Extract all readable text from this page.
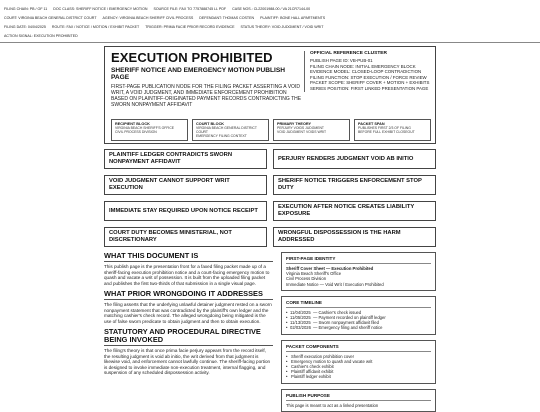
FILING CHAIN: PB / OF 11 DOC CLASS: SHERIFF NOTICE / EMERGENCY MOTION SOURCE FILE: FAX TO 7757888745 LL PDF CASE NOS.: CL22001988-00 / VA 21CR7144-00
COURT: VIRGINIA BEACH GENERAL DISTRICT COURT AGENCY: VIRGINIA BEACH SHERIFF CIVIL PROCESS DEFENDANT: THOMAS COSTEN PLAINTIFF: BONE HALL APARTMENTS
FILING DATE: 04/04/2025 ROUTE: FAX / NOTICE / MOTION / EXHIBIT PACKET TRIGGER: PRIMA FACIE PRIOR RECORD EVIDENCE STATUS THEORY: VOID JUDGMENT / VOID WRIT
ACTION SIGNAL: EXECUTION PROHIBITED
EXECUTION PROHIBITED
SHERIFF NOTICE AND EMERGENCY MOTION PUBLISH PAGE
FIRST-PAGE PUBLICATION NODE FOR THE FILING PACKET ASSERTING A VOID WRIT, A VOID JUDGMENT, AND IMMEDIATE ENFORCEMENT PROHIBITION BASED ON PLAINTIFF-ORIGINATED PAYMENT RECORDS CONTRADICTING THE SWORN NONPAYMENT AFFIDAVIT
OFFICIAL REFERENCE CLUSTER
PUBLISH PAGE ID: VB-PUB-01
FILING CHAIN NODE: INITIAL EMERGENCY BLOCK
EVIDENCE MODEL: CLOSED-LOOP CONTRADICTION
FILING FUNCTION: STOP EXECUTION / FORCE REVIEW
PACKET SCOPE: SHERIFF COVER + MOTION + EXHIBITS
SERIES POSITION: FIRST LINKED PRESENTATION PAGE
RECIPIENT BLOCK
VIRGINIA BEACH SHERIFF'S OFFICE
CIVIL PROCESS DIVISION
COURT BLOCK
VIRGINIA BEACH GENERAL DISTRICT COURT
EMERGENCY FILING CONTEXT
PRIMARY THEORY
PERJURY VOIDS JUDGMENT
VOID JUDGMENT VOIDS WRIT
PACKET SPAN
PUBLISHES FIRST 2/3 OF FILING
BEFORE FULL EXHIBIT CLOSEOUT
PLAINTIFF LEDGER CONTRADICTS SWORN NONPAYMENT AFFIDAVIT
PERJURY RENDERS JUDGMENT VOID AB INITIO
VOID JUDGMENT CANNOT SUPPORT WRIT EXECUTION
SHERIFF NOTICE TRIGGERS ENFORCEMENT STOP DUTY
IMMEDIATE STAY REQUIRED UPON NOTICE RECEIPT
EXECUTION AFTER NOTICE CREATES LIABILITY EXPOSURE
COURT DUTY BECOMES MINISTERIAL, NOT DISCRETIONARY
WRONGFUL DISPOSSESSION IS THE HARM ADDRESSED
WHAT THIS DOCUMENT IS
This publish page is the presentation front for a faxed filing packet made up of a sheriff-facing execution prohibition notice and a court-facing emergency motion to quash and vacate a writ of possession. It is built from the uploaded filing packet and publishes the first two-thirds of that submission in a single visual page.
WHAT PRIOR WRONGDOING IT ADDRESSES
The filing asserts that the underlying unlawful detainer judgment rested on a sworn nonpayment statement that was contradicted by the plaintiff's own ledger and the matching cashier's check record. The alleged wrongdoing being mitigated is the use of false sworn predicate to obtain judgment and then to obtain execution.
STATUTORY AND PROCEDURAL DIRECTIVE BEING INVOKED
The filing's theory is that once prima facie perjury appears from the record itself, the resulting judgment is void ab initio, the writ derived from that judgment is likewise void, and enforcement cannot lawfully continue. The sheriff-facing portion is designed to invoke immediate non-execution treatment, internal flagging, and suspension of any scheduled dispossession activity.
FIRST-PAGE IDENTITY
Sheriff Cover Sheet — Execution Prohibited
Virginia Beach Sheriff's Office
Civil Process Division
Immediate Notice — Void Writ / Execution Prohibited
CORE TIMELINE
• 11/04/2025 — Cashier's check issued
• 11/05/2025 — Payment recorded on plaintiff ledger
• 11/13/2025 — Sworn nonpayment affidavit filed
• 02/03/2026 — Emergency filing and sheriff notice
PACKET COMPONENTS
• Sheriff execution prohibition cover
• Emergency motion to quash and vacate writ
• Cashier's check exhibit
• Plaintiff affidavit exhibit
• Plaintiff ledger exhibit
PUBLISH PURPOSE
This page is meant to act as a linked presentation
